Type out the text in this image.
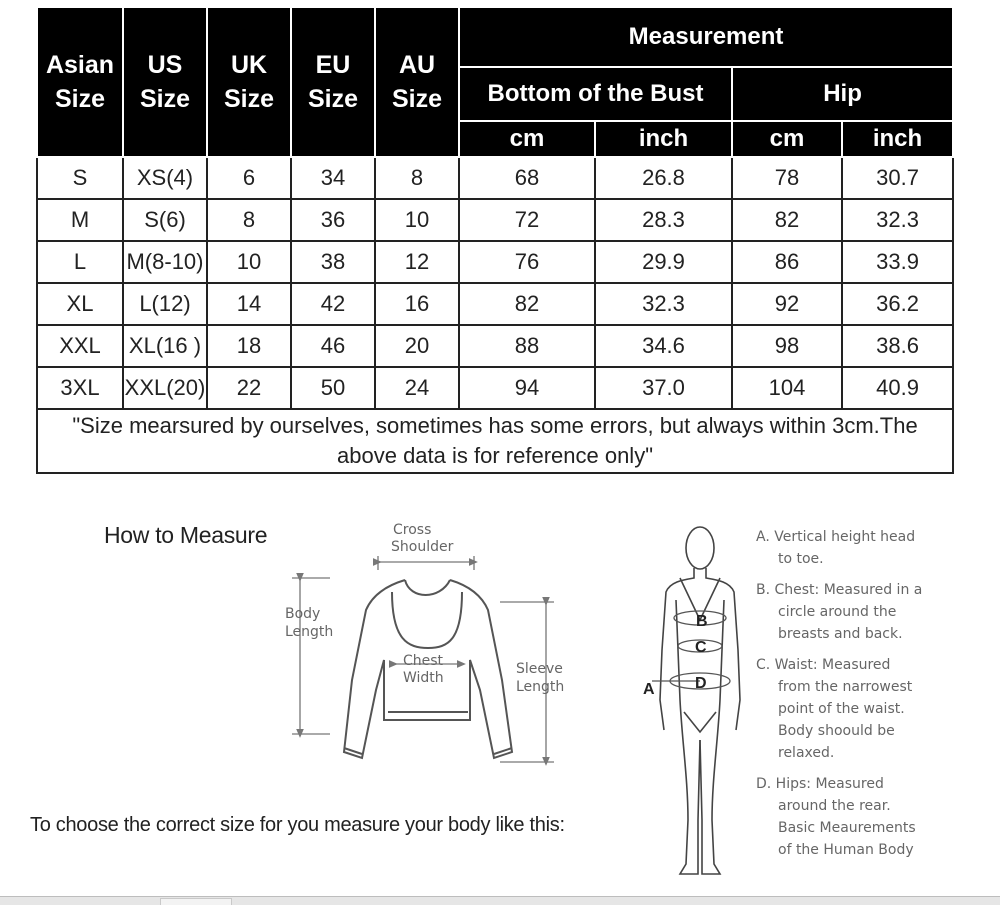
Asian Size	US Size	UK Size	EU Size	AU Size	Measurement			
					Bottom of the Bust		Hip	
					cm	inch	cm	inch
S	XS(4)	6	34	8	68	26.8	78	30.7
M	S(6)	8	36	10	72	28.3	82	32.3
L	M(8-10)	10	38	12	76	29.9	86	33.9
XL	L(12)	14	42	16	82	32.3	92	36.2
XXL	XL(16 )	18	46	20	88	34.6	98	38.6
3XL	XXL(20)	22	50	24	94	37.0	104	40.9
"Size mearsured by ourselves, sometimes has some errors, but always within 3cm.The above data is for reference only"								
How to Measure	Cross
Shoulder
Body
Length
Chest
Width
Sleeve
Length
B
C
A	D

A. Vertical height head
to toe.

B. Chest: Measured in a
circle around the
breasts and back.

C. Waist: Measured
from the narrowest
point of the waist.
Body shoould be
relaxed.

D. Hips: Measured
around the rear.
Basic Meaurements
of the Human Body

To choose the correct size for you measure your body like this:
